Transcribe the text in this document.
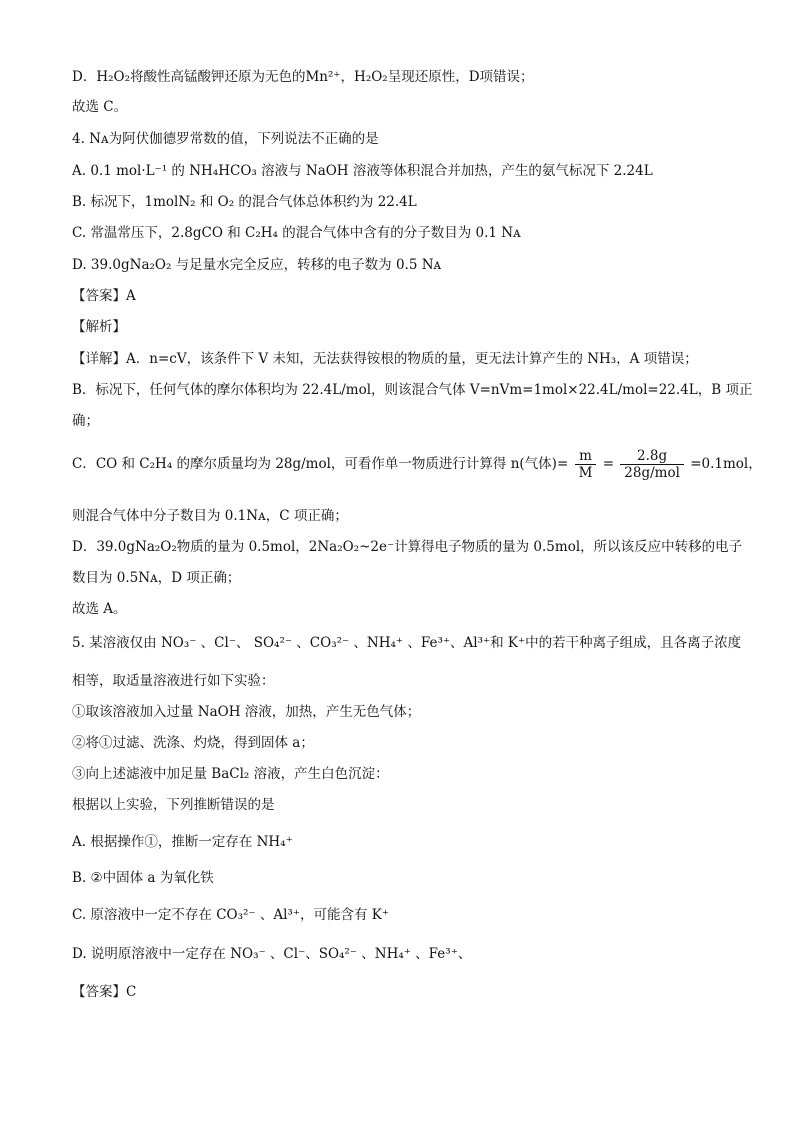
D．H₂O₂将酸性高锰酸钾还原为无色的Mn²⁺，H₂O₂呈现还原性，D项错误；
故选 C。
4. Nᴀ为阿伏伽德罗常数的值，下列说法不正确的是
A. 0.1 mol·L⁻¹ 的 NH₄HCO₃ 溶液与 NaOH 溶液等体积混合并加热，产生的氨气标况下 2.24L
B. 标况下，1molN₂ 和 O₂ 的混合气体总体积约为 22.4L
C. 常温常压下，2.8gCO 和 C₂H₄ 的混合气体中含有的分子数目为 0.1 Nᴀ
D. 39.0gNa₂O₂ 与足量水完全反应，转移的电子数为 0.5 Nᴀ
【答案】A
【解析】
【详解】A．n=cV，该条件下 V 未知，无法获得铵根的物质的量，更无法计算产生的 NH₃，A 项错误；
B．标况下，任何气体的摩尔体积均为 22.4L/mol，则该混合气体 V=nVm=1mol×22.4L/mol=22.4L，B 项正
确；
C．CO 和 C₂H₄ 的摩尔质量均为 28g/mol，可看作单一物质进行计算得 n(气体)= $\frac{m}{M} = \frac{2.8g}{\text{28g/mol}} =0.1mol$，
则混合气体中分子数目为 0.1Nᴀ，C 项正确；
D．39.0gNa₂O₂物质的量为 0.5mol，2Na₂O₂~2e⁻计算得电子物质的量为 0.5mol，所以该反应中转移的电子
数目为 0.5Nᴀ，D 项正确；
故选 A。
5. 某溶液仅由 NO₃⁻ 、Cl⁻、 SO₄²⁻ 、CO₃²⁻ 、NH₄⁺ 、Fe³⁺、Al³⁺和 K⁺中的若干种离子组成，且各离子浓度
相等，取适量溶液进行如下实验：
①取该溶液加入过量 NaOH 溶液，加热，产生无色气体；
②将①过滤、洗涤、灼烧，得到固体 a；
③向上述滤液中加足量 BaCl₂ 溶液，产生白色沉淀：
根据以上实验，下列推断错误的是
A. 根据操作①，推断一定存在 NH₄⁺
B. ②中固体 a 为氧化铁
C. 原溶液中一定不存在 CO₃²⁻ 、Al³⁺，可能含有 K⁺
D. 说明原溶液中一定存在 NO₃⁻ 、Cl⁻、SO₄²⁻ 、NH₄⁺ 、Fe³⁺、
【答案】C
